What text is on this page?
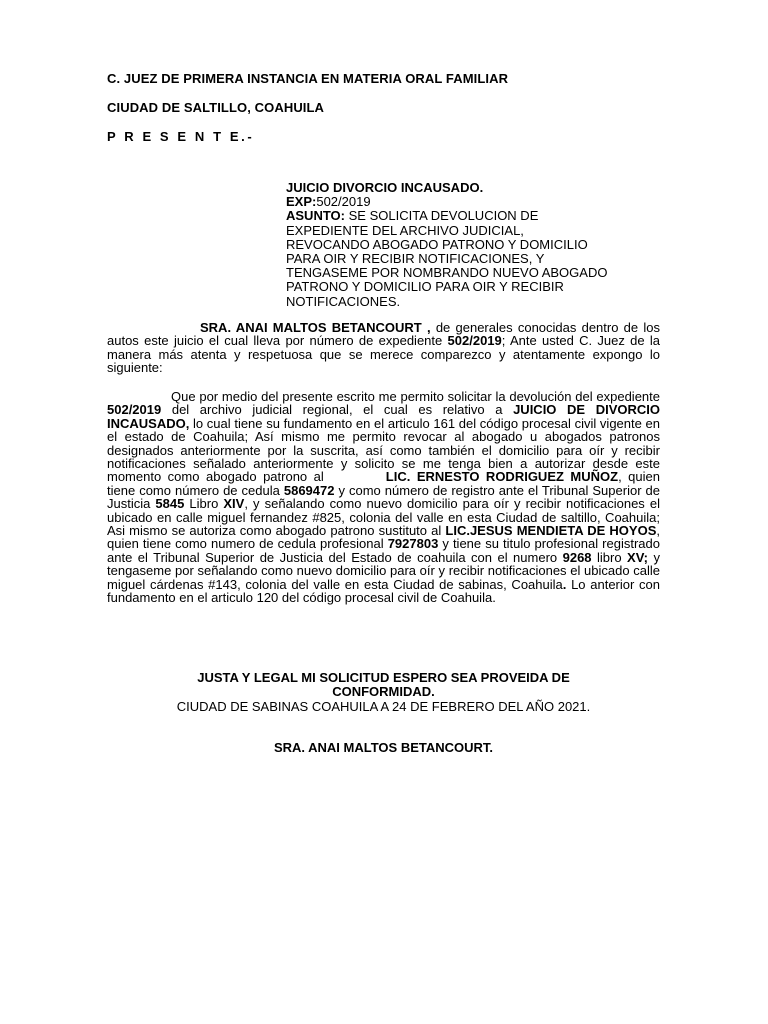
C. JUEZ DE PRIMERA INSTANCIA EN MATERIA ORAL FAMILIAR
CIUDAD DE SALTILLO, COAHUILA
P R E S E N T E.-

JUICIO DIVORCIO INCAUSADO.

EXP:502/2019

ASUNTO: SE SOLICITA DEVOLUCION DE

EXPEDIENTE DEL ARCHIVO JUDICIAL,

REVOCANDO ABOGADO PATRONO Y DOMICILIO

PARA OIR Y RECIBIR NOTIFICACIONES, Y

TENGASEME POR NOMBRANDO NUEVO ABOGADO

PATRONO Y DOMICILIO PARA OIR Y RECIBIR

NOTIFICACIONES.

SRA. ANAI MALTOS BETANCOURT , de generales conocidas dentro de los autos este juicio el cual lleva por número de expediente 502/2019; Ante usted C. Juez de la manera más atenta y respetuosa que se merece comparezco y atentamente expongo lo siguiente:

Que por medio del presente escrito me permito solicitar la devolución del expediente 502/2019 del archivo judicial regional, el cual es relativo a JUICIO DE DIVORCIO INCAUSADO, lo cual tiene su fundamento en el articulo 161 del código procesal civil vigente en el estado de Coahuila; Así mismo me permito revocar al abogado u abogados patronos designados anteriormente por la suscrita, así como también el domicilio para oír y recibir notificaciones señalado anteriormente y solicito se me tenga bien a autorizar desde este momento como abogado patrono al	LIC. ERNESTO RODRIGUEZ MUÑOZ, quien tiene como número de cedula 5869472 y como número de registro ante el Tribunal Superior de Justicia 5845 Libro XIV, y señalando como nuevo domicilio para oír y recibir notificaciones el ubicado en calle miguel fernandez #825, colonia del valle en esta Ciudad de saltillo, Coahuila; Asi mismo se autoriza como abogado patrono sustituto al LIC.JESUS MENDIETA DE HOYOS, quien tiene como numero de cedula profesional 7927803 y tiene su titulo profesional registrado ante el Tribunal Superior de Justicia del Estado de coahuila con el numero 9268 libro XV; y tengaseme por señalando como nuevo domicilio para oír y recibir notificaciones el ubicado calle miguel cárdenas #143, colonia del valle en esta Ciudad de sabinas, Coahuila. Lo anterior con fundamento en el articulo 120 del código procesal civil de Coahuila.

JUSTA Y LEGAL MI SOLICITUD ESPERO SEA PROVEIDA DE
CONFORMIDAD.
CIUDAD DE SABINAS COAHUILA A 24 DE FEBRERO DEL AÑO 2021.
SRA. ANAI MALTOS BETANCOURT.
